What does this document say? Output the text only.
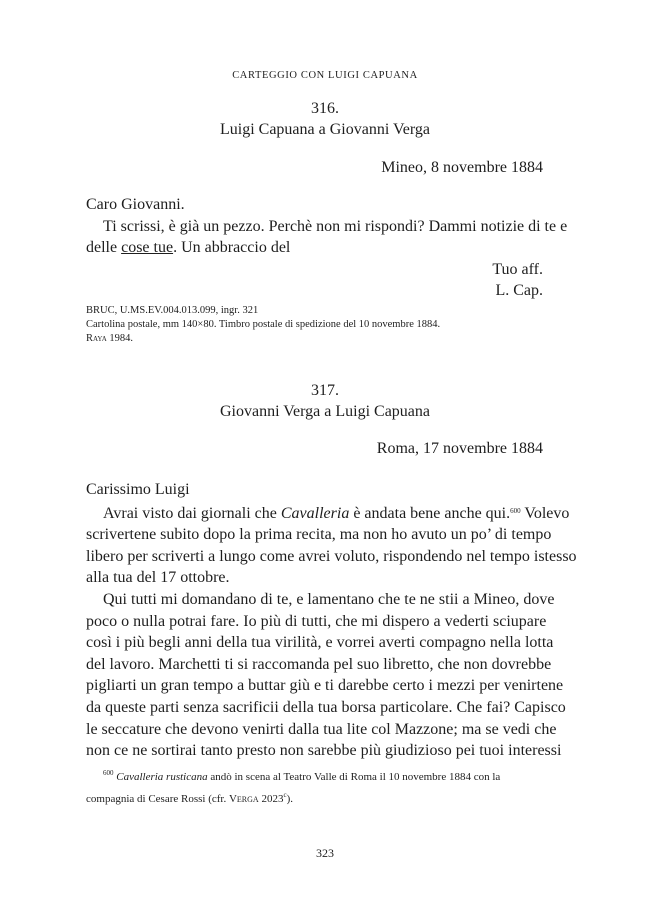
CARTEGGIO CON LUIGI CAPUANA
316.
Luigi Capuana a Giovanni Verga
Mineo, 8 novembre 1884

Caro Giovanni.

Ti scrissi, è già un pezzo. Perchè non mi rispondi? Dammi notizie di te e

delle cose tue. Un abbraccio del

Tuo aff.

L. Cap.

BRUC, U.MS.EV.004.013.099, ingr. 321
Cartolina postale, mm 140×80. Timbro postale di spedizione del 10 novembre 1884.
Raya 1984.
317.
Giovanni Verga a Luigi Capuana
Roma, 17 novembre 1884

Carissimo Luigi

Avrai visto dai giornali che Cavalleria è andata bene anche qui.$^{600}$ Volevo

scrivertene subito dopo la prima recita, ma non ho avuto un po’ di tempo

libero per scriverti a lungo come avrei voluto, rispondendo nel tempo istesso

alla tua del 17 ottobre.

Qui tutti mi domandano di te, e lamentano che te ne stii a Mineo, dove

poco o nulla potrai fare. Io più di tutti, che mi dispero a vederti sciupare

così i più begli anni della tua virilità, e vorrei averti compagno nella lotta

del lavoro. Marchetti ti si raccomanda pel suo libretto, che non dovrebbe

pigliarti un gran tempo a buttar giù e ti darebbe certo i mezzi per venirtene

da queste parti senza sacrificii della tua borsa particolare. Che fai? Capisco

le seccature che devono venirti dalla tua lite col Mazzone; ma se vedi che

non ce ne sortirai tanto presto non sarebbe più giudizioso pei tuoi interessi

$^{600}$ Cavalleria rusticana andò in scena al Teatro Valle di Roma il 10 novembre 1884 con la
compagnia di Cesare Rossi (cfr. Verga 2023$^c$).
323
